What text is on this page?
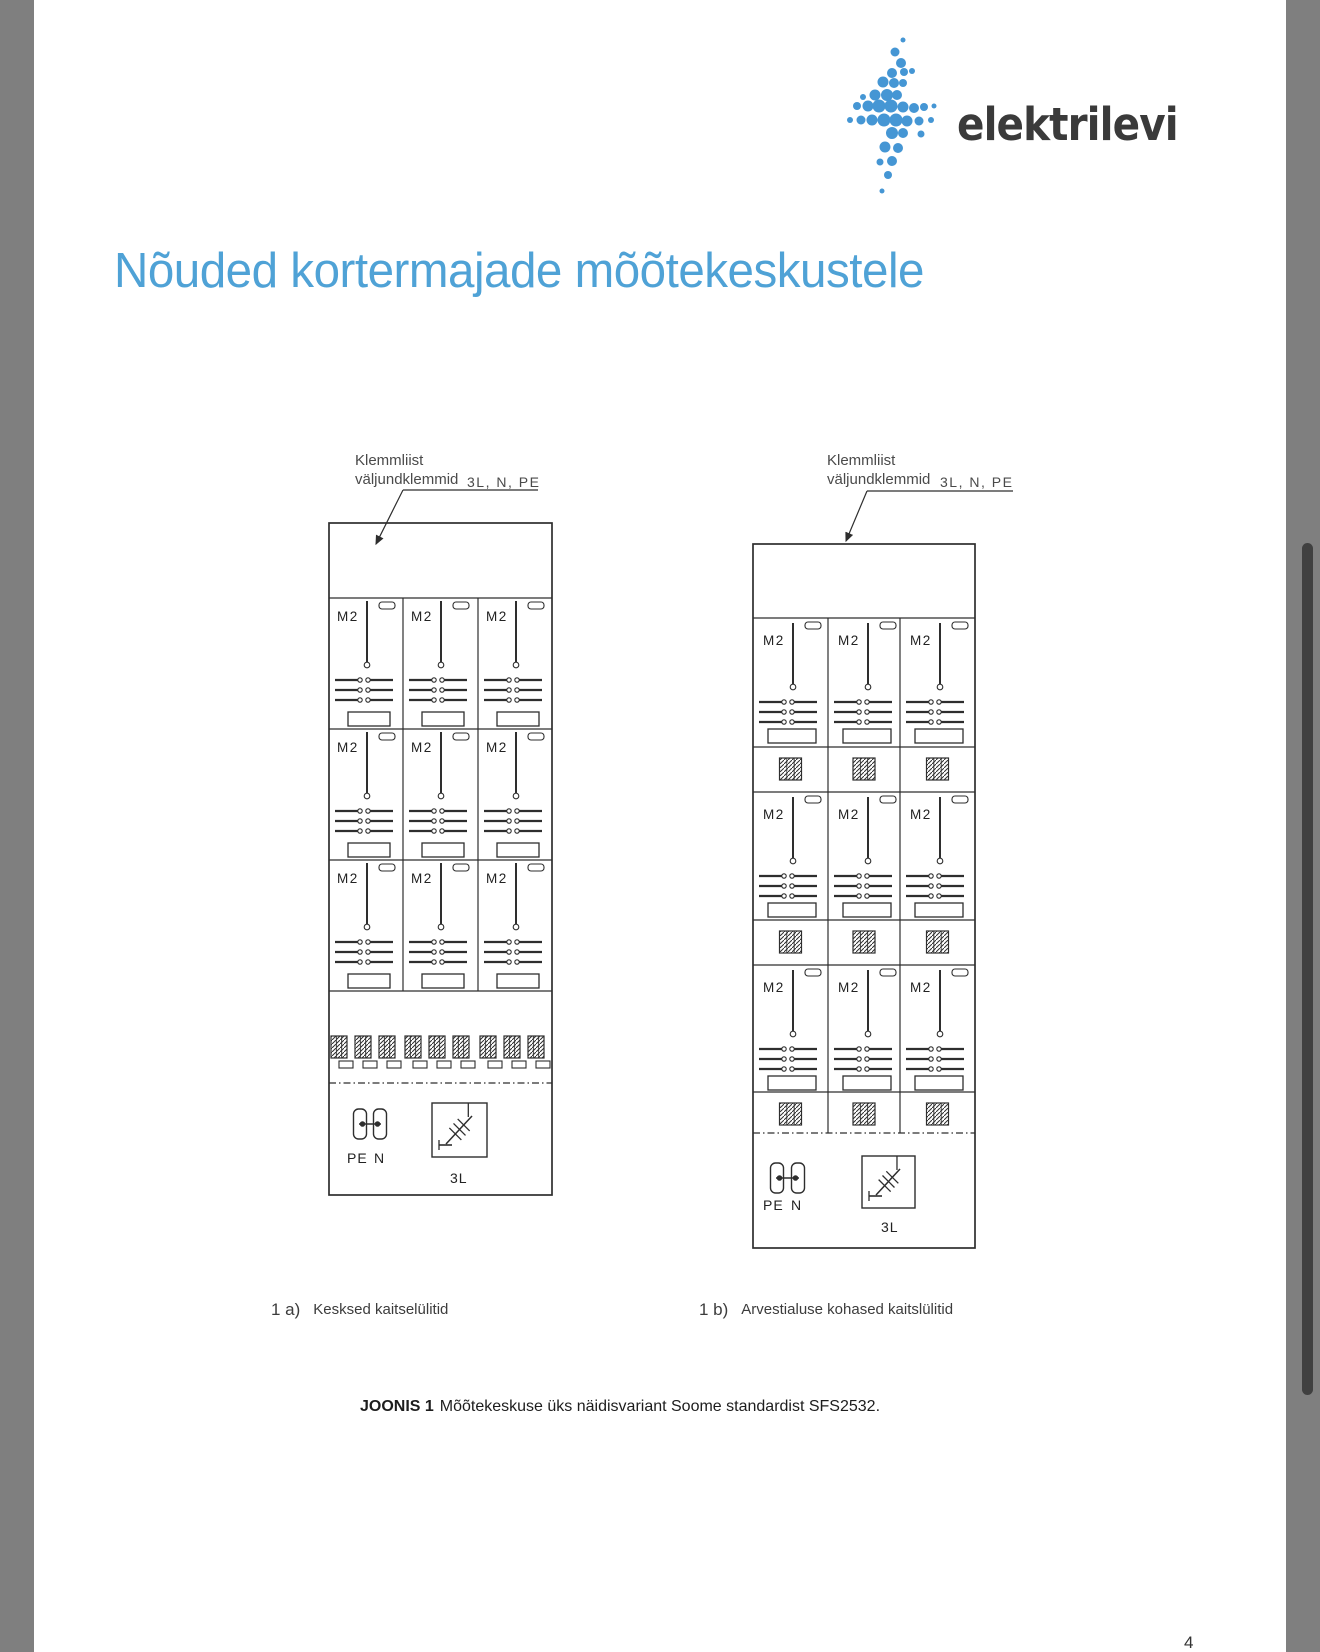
elektrilevi
Nõuded kortermajade mõõtekeskustele
M2	M2	M2
M2	M2	M2
M2	M2	M2
PE N
3L
M2	M2	M2
M2	M2	M2
M2	M2	M2
PE N
3L
Klemmliist
väljundklemmid 3L, N, PE
Klemmliist
väljundklemmid 3L, N, PE
1 a) Kesksed kaitselülitid	1 b) Arvestialuse kohased kaitslülitid
JOONIS 1 Mõõtekeskuse üks näidisvariant Soome standardist SFS2532.
4
